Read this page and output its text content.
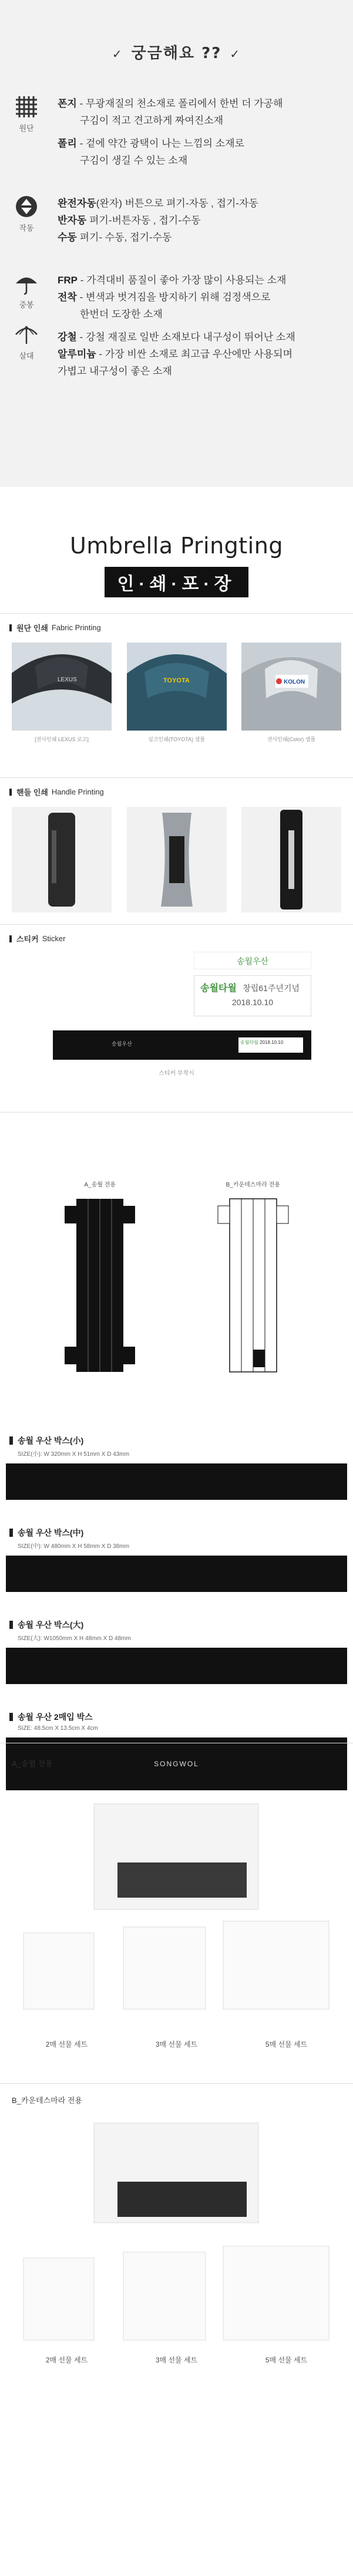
✓ 궁금해요 ?? ✓
원단

폰지 - 무광재질의 천소재로 폴리에서 한번 더 가공해
구김이 적고 견고하게 짜여진소재

폴리 - 겉에 약간 광택이 나는 느낌의 소재로
구김이 생길 수 있는 소재

작동

완전자동(완자) 버튼으로 펴기-자동 , 접기-자동

반자동 펴기-버튼자동 , 접기-수동

수동 펴기- 수동, 접기-수동

중봉
살대

FRP - 가격대비 품질이 좋아 가장 많이 사용되는 소재

전착 - 변색과 벗겨짐을 방지하기 위해 검정색으로
한번더 도장한 소재

강철 - 강철 재질로 일반 소재보다 내구성이 뛰어난 소재

알루미늄 - 가장 비싼 소재로 최고급 우산에만 사용되며
가볍고 내구성이 좋은 소재

Umbrella Pringting
인·쇄·포·장
원단 인쇄 Fabric Printing
LEXUS
[전사인쇄 LEXUS 로고]
TOYOTA
실크인쇄(TOYOTA) 샘플
KOLON
전사인쇄(Color) 샘플
핸들 인쇄 Handle Printing
스티커 Sticker
송월우산
송월타월 창립61주년기념
2018.10.10
송월우산	송월타월 2018.10.10
스티커 부착시
A_송월 전용	B_카운테스마라 전용
송월 우산 박스(小)
SIZE(小): W 320mm X H 51mm X D 43mm
송월 우산 박스(中)
SIZE(中): W 480mm X H 58mm X D 38mm
송월 우산 박스(大)
SIZE(大): W1050mm X H 48mm X D 48mm
송월 우산 2매입 박스
SIZE: 48.5cm X 13.5cm X 4cm
SONGWOL
A_송월 전용
2매 선물 세트	3매 선물 세트	5매 선물 세트
B_카운테스마라 전용
2매 선물 세트	3매 선물 세트	5매 선물 세트
